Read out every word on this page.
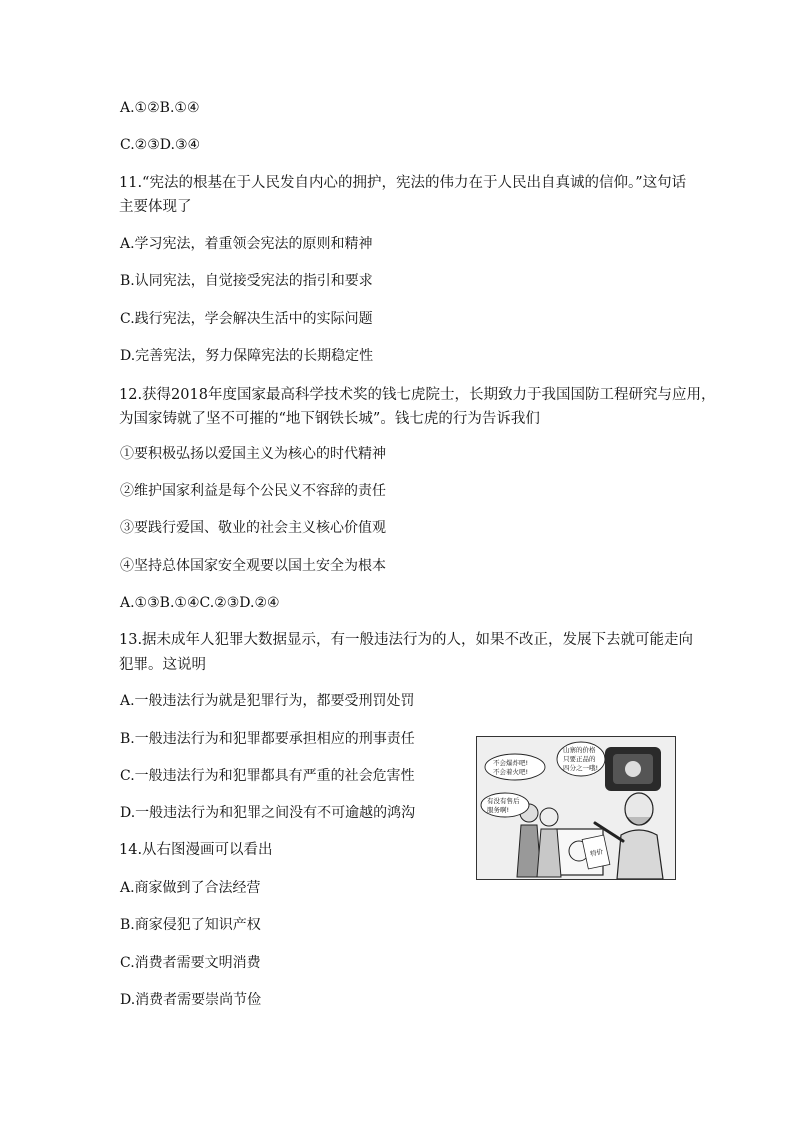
A.①②B.①④
C.②③D.③④
11.“宪法的根基在于人民发自内心的拥护，宪法的伟力在于人民出自真诚的信仰。”这句话
主要体现了
A.学习宪法，着重领会宪法的原则和精神
B.认同宪法，自觉接受宪法的指引和要求
C.践行宪法，学会解决生活中的实际问题
D.完善宪法，努力保障宪法的长期稳定性
12.获得2018年度国家最高科学技术奖的钱七虎院士，长期致力于我国国防工程研究与应用，
为国家铸就了坚不可摧的“地下钢铁长城”。钱七虎的行为告诉我们
①要积极弘扬以爱国主义为核心的时代精神
②维护国家利益是每个公民义不容辞的责任
③要践行爱国、敬业的社会主义核心价值观
④坚持总体国家安全观要以国土安全为根本
A.①③B.①④C.②③D.②④
13.据未成年人犯罪大数据显示，有一般违法行为的人，如果不改正，发展下去就可能走向
犯罪。这说明
A.一般违法行为就是犯罪行为，都要受刑罚处罚
B.一般违法行为和犯罪都要承担相应的刑事责任
C.一般违法行为和犯罪都具有严重的社会危害性
D.一般违法行为和犯罪之间没有不可逾越的鸿沟
14.从右图漫画可以看出
A.商家做到了合法经营
B.商家侵犯了知识产权
C.消费者需要文明消费
D.消费者需要崇尚节俭
特价
不会爆炸吧!
不会着火吧!
山寨的价格
只要正品的
四分之一哦!
有没有售后
服务啊!
